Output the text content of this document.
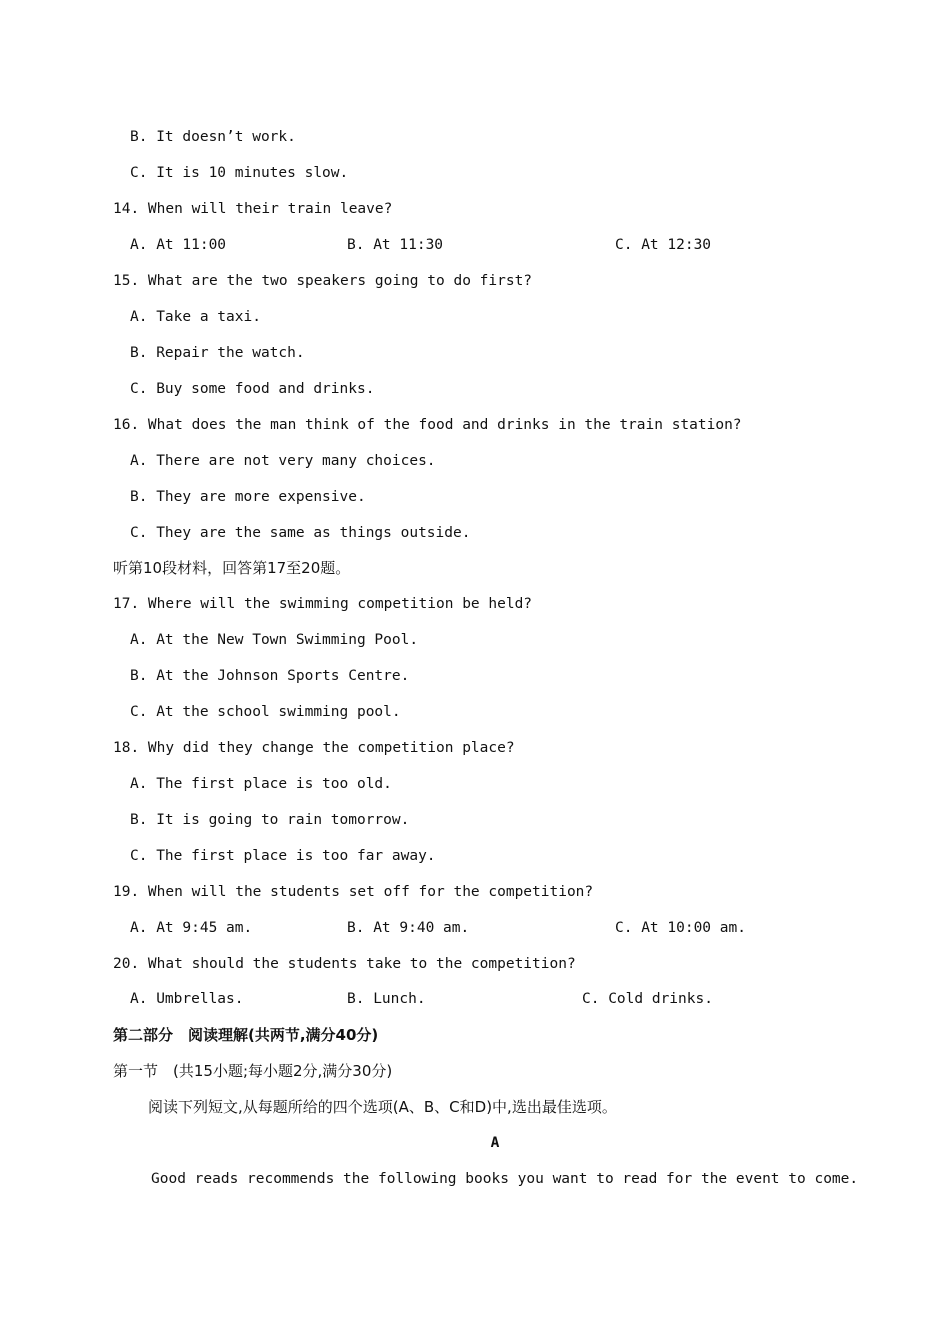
B. It doesn’t work.
C. It is 10 minutes slow.
14. When will their train leave?
A. At 11:00	B. At 11:30	C. At 12:30
15. What are the two speakers going to do first?
A. Take a taxi.
B. Repair the watch.
C. Buy some food and drinks.
16. What does the man think of the food and drinks in the train station?
A. There are not very many choices.
B. They are more expensive.
C. They are the same as things outside.
听第10段材料，回答第17至20题。
17. Where will the swimming competition be held?
A. At the New Town Swimming Pool.
B. At the Johnson Sports Centre.
C. At the school swimming pool.
18. Why did they change the competition place?
A. The first place is too old.
B. It is going to rain tomorrow.
C. The first place is too far away.
19. When will the students set off for the competition?
A. At 9:45 am.	B. At 9:40 am.	C. At 10:00 am.
20. What should the students take to the competition?
A. Umbrellas.	B. Lunch.	C. Cold drinks.
第二部分　阅读理解(共两节,满分40分)
第一节　(共15小题;每小题2分,满分30分)
阅读下列短文,从每题所给的四个选项(A、B、C和D)中,选出最佳选项。
A
Good reads recommends the following books you want to read for the event to come.
